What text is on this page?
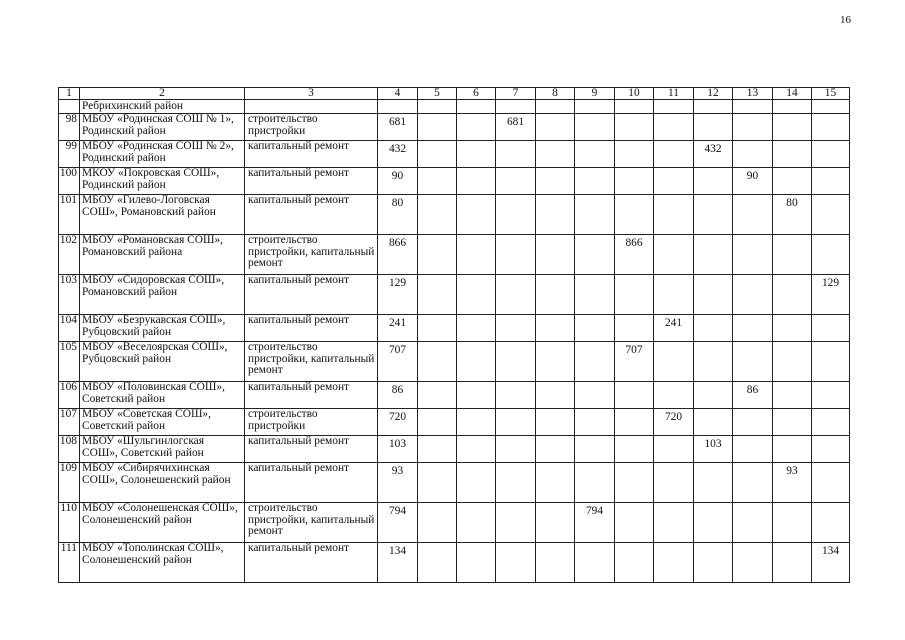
16
1	2	3	4	5	6	7	8	9	10	11	12	13	14	15
	Ребрихинский район													
98	МБОУ «Родинская СОШ № 1», Родинский район	строительство пристройки	681			681								
99	МБОУ «Родинская СОШ № 2», Родинский район	капитальный ремонт	432								432			
100	МКОУ «Покровская СОШ», Родинский район	капитальный ремонт	90									90		
101	МБОУ «Гилево-Логовская СОШ», Романовский район	капитальный ремонт	80										80	
102	МБОУ «Романовская СОШ», Романовский района	строительство пристройки, капитальный ремонт	866						866					
103	МБОУ «Сидоровская СОШ», Романовский район	капитальный ремонт	129											129
104	МБОУ «Безрукавская СОШ», Рубцовский район	капитальный ремонт	241							241				
105	МБОУ «Веселоярская СОШ», Рубцовский район	строительство пристройки, капитальный ремонт	707						707					
106	МБОУ «Половинская СОШ», Советский район	капитальный ремонт	86									86		
107	МБОУ «Советская СОШ», Советский район	строительство пристройки	720							720				
108	МБОУ «Шульгинлогская СОШ», Советский район	капитальный ремонт	103								103			
109	МБОУ «Сибирячихинская СОШ», Солонешенский район	капитальный ремонт	93										93	
110	МБОУ «Солонешенская СОШ», Солонешенский район	строительство пристройки, капитальный ремонт	794					794						
111	МБОУ «Тополинская СОШ», Солонешенский район	капитальный ремонт	134											134
